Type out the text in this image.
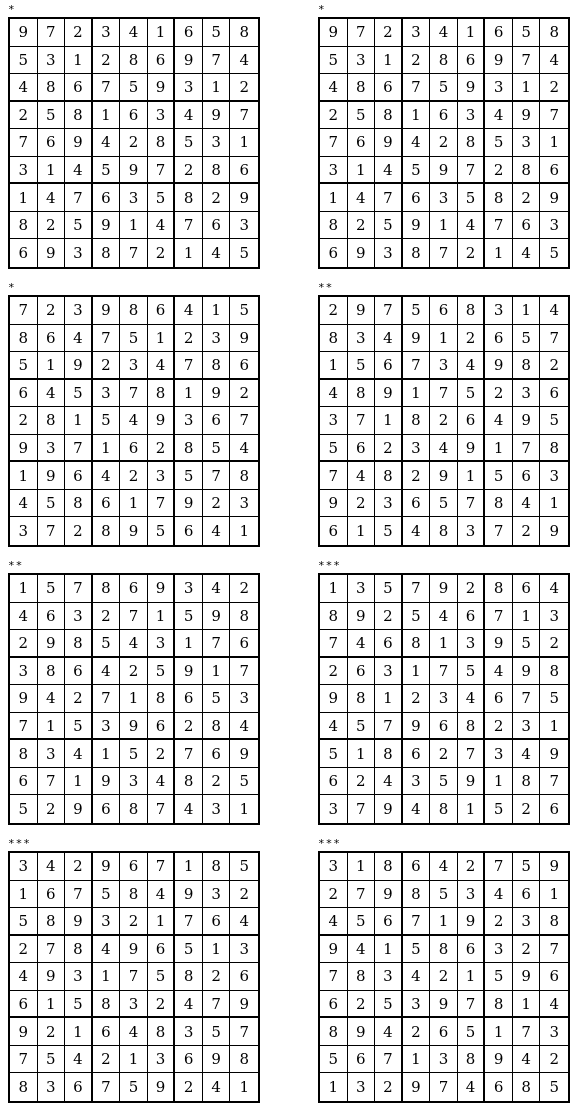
*
9	7	2	3	4	1	6	5	8
5	3	1	2	8	6	9	7	4
4	8	6	7	5	9	3	1	2
2	5	8	1	6	3	4	9	7
7	6	9	4	2	8	5	3	1
3	1	4	5	9	7	2	8	6
1	4	7	6	3	5	8	2	9
8	2	5	9	1	4	7	6	3
6	9	3	8	7	2	1	4	5
*
9	7	2	3	4	1	6	5	8
5	3	1	2	8	6	9	7	4
4	8	6	7	5	9	3	1	2
2	5	8	1	6	3	4	9	7
7	6	9	4	2	8	5	3	1
3	1	4	5	9	7	2	8	6
1	4	7	6	3	5	8	2	9
8	2	5	9	1	4	7	6	3
6	9	3	8	7	2	1	4	5
*
7	2	3	9	8	6	4	1	5
8	6	4	7	5	1	2	3	9
5	1	9	2	3	4	7	8	6
6	4	5	3	7	8	1	9	2
2	8	1	5	4	9	3	6	7
9	3	7	1	6	2	8	5	4
1	9	6	4	2	3	5	7	8
4	5	8	6	1	7	9	2	3
3	7	2	8	9	5	6	4	1
**
2	9	7	5	6	8	3	1	4
8	3	4	9	1	2	6	5	7
1	5	6	7	3	4	9	8	2
4	8	9	1	7	5	2	3	6
3	7	1	8	2	6	4	9	5
5	6	2	3	4	9	1	7	8
7	4	8	2	9	1	5	6	3
9	2	3	6	5	7	8	4	1
6	1	5	4	8	3	7	2	9
**
1	5	7	8	6	9	3	4	2
4	6	3	2	7	1	5	9	8
2	9	8	5	4	3	1	7	6
3	8	6	4	2	5	9	1	7
9	4	2	7	1	8	6	5	3
7	1	5	3	9	6	2	8	4
8	3	4	1	5	2	7	6	9
6	7	1	9	3	4	8	2	5
5	2	9	6	8	7	4	3	1
***
1	3	5	7	9	2	8	6	4
8	9	2	5	4	6	7	1	3
7	4	6	8	1	3	9	5	2
2	6	3	1	7	5	4	9	8
9	8	1	2	3	4	6	7	5
4	5	7	9	6	8	2	3	1
5	1	8	6	2	7	3	4	9
6	2	4	3	5	9	1	8	7
3	7	9	4	8	1	5	2	6
***
3	4	2	9	6	7	1	8	5
1	6	7	5	8	4	9	3	2
5	8	9	3	2	1	7	6	4
2	7	8	4	9	6	5	1	3
4	9	3	1	7	5	8	2	6
6	1	5	8	3	2	4	7	9
9	2	1	6	4	8	3	5	7
7	5	4	2	1	3	6	9	8
8	3	6	7	5	9	2	4	1
***
3	1	8	6	4	2	7	5	9
2	7	9	8	5	3	4	6	1
4	5	6	7	1	9	2	3	8
9	4	1	5	8	6	3	2	7
7	8	3	4	2	1	5	9	6
6	2	5	3	9	7	8	1	4
8	9	4	2	6	5	1	7	3
5	6	7	1	3	8	9	4	2
1	3	2	9	7	4	6	8	5
